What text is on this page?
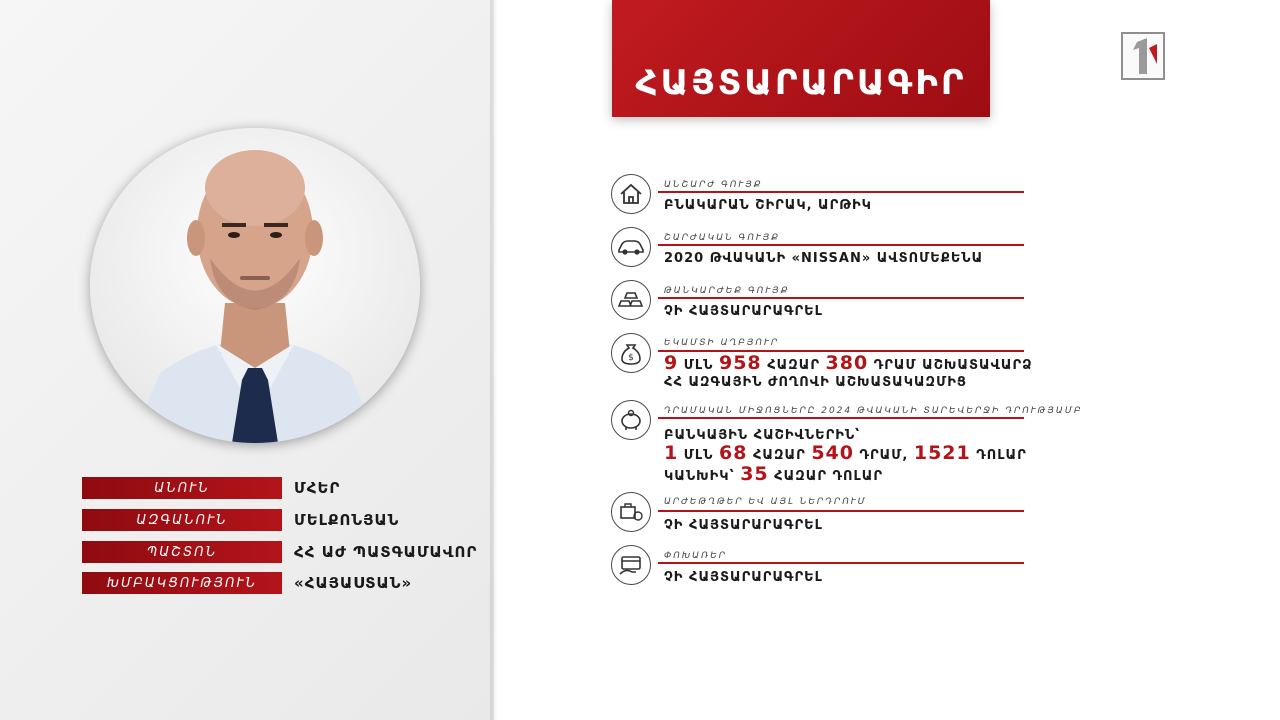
ԱՆՈՒՆ	ՄՀԵՐ
ԱԶԳԱՆՈՒՆ	ՄԵԼՔՈՆՅԱՆ
ՊԱՇՏՈՆ	ՀՀ ԱԺ ՊԱՏԳԱՄԱՎՈՐ
ԽՄԲԱԿՑՈՒԹՅՈՒՆ	«ՀԱՅԱՍՏԱՆ»
ՀԱՅՏԱՐԱՐԱԳԻՐ
ԱՆՇԱՐԺ ԳՈՒՅՔ
ԲՆԱԿԱՐԱՆ ՇԻՐԱԿ, ԱՐԹԻԿ
ՇԱՐԺԱԿԱՆ ԳՈՒՅՔ
2020 ԹՎԱԿԱՆԻ «NISSAN» ԱՎՏՈՄԵՔԵՆԱ
ԹԱՆԿԱՐԺԵՔ ԳՈՒՅՔ
ՉԻ ՀԱՅՏԱՐԱՐԱԳՐԵԼ
$
ԵԿԱՄՏԻ ԱՂԲՅՈՒՐ
9 ՄԼՆ 958 ՀԱԶԱՐ 380 ԴՐԱՄ ԱՇԽԱՏԱՎԱՐՁ
ՀՀ ԱԶԳԱՅԻՆ ԺՈՂՈՎԻ ԱՇԽԱՏԱԿԱԶՄԻՑ
ԴՐԱՄԱԿԱՆ ՄԻՋՈՑՆԵՐԸ 2024 ԹՎԱԿԱՆԻ ՏԱՐԵՎԵՐՋԻ ԴՐՈՒԹՅԱՄԲ
ԲԱՆԿԱՅԻՆ ՀԱՇԻՎՆԵՐԻՆ՝
1 ՄԼՆ 68 ՀԱԶԱՐ 540 ԴՐԱՄ, 1521 ԴՈԼԱՐ
ԿԱՆԽԻԿ՝ 35 ՀԱԶԱՐ ԴՈԼԱՐ
ԱՐԺԵԹՂԹԵՐ ԵՎ ԱՅԼ ՆԵՐԴՐՈՒՄ
ՉԻ ՀԱՅՏԱՐԱՐԱԳՐԵԼ
ՓՈԽԱՌԵՐ
ՉԻ ՀԱՅՏԱՐԱՐԱԳՐԵԼ
